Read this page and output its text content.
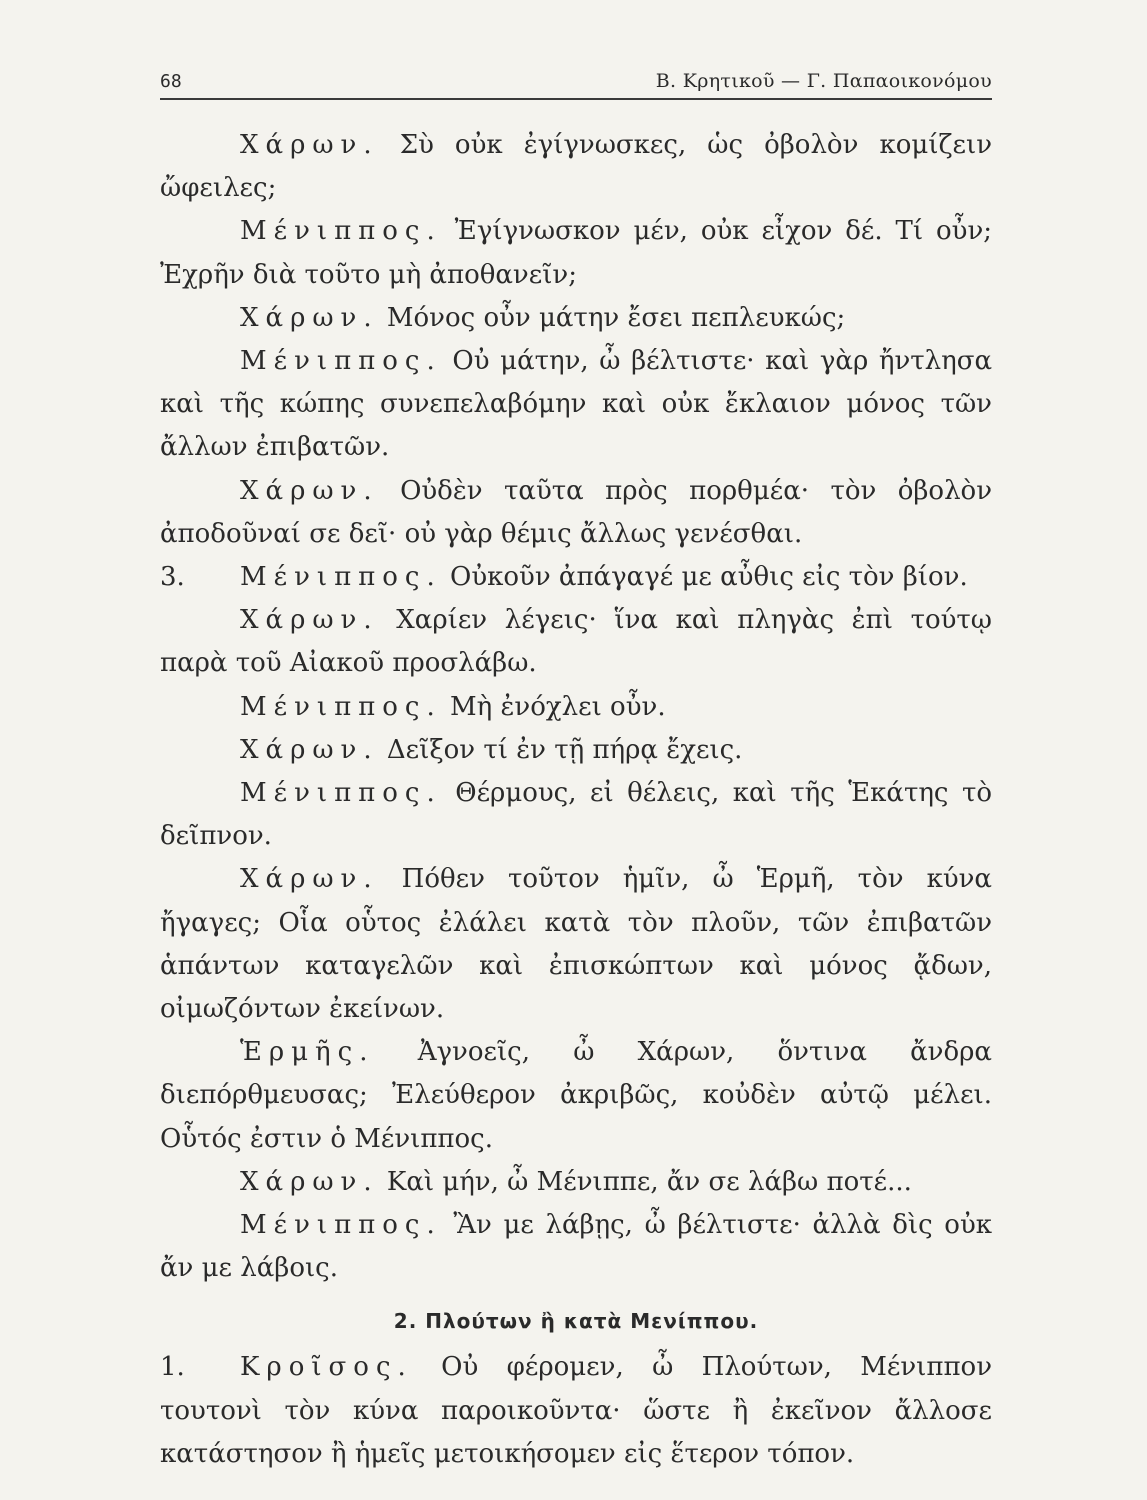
68	Β. Κρητικοῦ — Γ. Παπαοικονόμου

Χάρων. Σὺ οὐκ ἐγίγνωσκες, ὡς ὀβολὸν κομίζειν ὤφειλες;

Μένιππος. Ἐγίγνωσκον μέν, οὐκ εἶχον δέ. Τί οὖν; Ἐχρῆν διὰ τοῦτο μὴ ἀποθανεῖν;

Χάρων. Μόνος οὖν μάτην ἔσει πεπλευκώς;

Μένιππος. Οὐ μάτην, ὦ βέλτιστε· καὶ γὰρ ἤντλησα καὶ τῆς κώπης συνεπελαβόμην καὶ οὐκ ἔκλαιον μόνος τῶν ἄλλων ἐπιβατῶν.

Χάρων. Οὐδὲν ταῦτα πρὸς πορθμέα· τὸν ὀβολὸν ἀποδοῦναί σε δεῖ· οὐ γὰρ θέμις ἄλλως γενέσθαι.

3. Μένιππος. Οὐκοῦν ἀπάγαγέ με αὖθις εἰς τὸν βίον.

Χάρων. Χαρίεν λέγεις· ἵνα καὶ πληγὰς ἐπὶ τούτῳ παρὰ τοῦ Αἰακοῦ προσλάβω.

Μένιππος. Μὴ ἐνόχλει οὖν.

Χάρων. Δεῖξον τί ἐν τῇ πήρᾳ ἔχεις.

Μένιππος. Θέρμους, εἰ θέλεις, καὶ τῆς Ἑκάτης τὸ δεῖπνον.

Χάρων. Πόθεν τοῦτον ἡμῖν, ὦ Ἑρμῆ, τὸν κύνα ἤγαγες; Οἷα οὗτος ἐλάλει κατὰ τὸν πλοῦν, τῶν ἐπιβατῶν ἁπάντων καταγελῶν καὶ ἐπισκώπτων καὶ μόνος ᾄδων, οἰμωζόντων ἐκείνων.

Ἑρμῆς. Ἀγνοεῖς, ὦ Χάρων, ὅντινα ἄνδρα διεπόρθμευσας; Ἐλεύθερον ἀκριβῶς, κοὐδὲν αὐτῷ μέλει. Οὗτός ἐστιν ὁ Μένιππος.

Χάρων. Καὶ μήν, ὦ Μένιππε, ἄν σε λάβω ποτέ...

Μένιππος. Ἂν με λάβῃς, ὦ βέλτιστε· ἀλλὰ δὶς οὐκ ἄν με λάβοις.

2. Πλούτων ἢ κατὰ Μενίππου.

1. Κροῖσος. Οὐ φέρομεν, ὦ Πλούτων, Μένιππον τουτονὶ τὸν κύνα παροικοῦντα· ὥστε ἢ ἐκεῖνον ἄλλοσε κατάστησον ἢ ἡμεῖς μετοικήσομεν εἰς ἕτερον τόπον.
